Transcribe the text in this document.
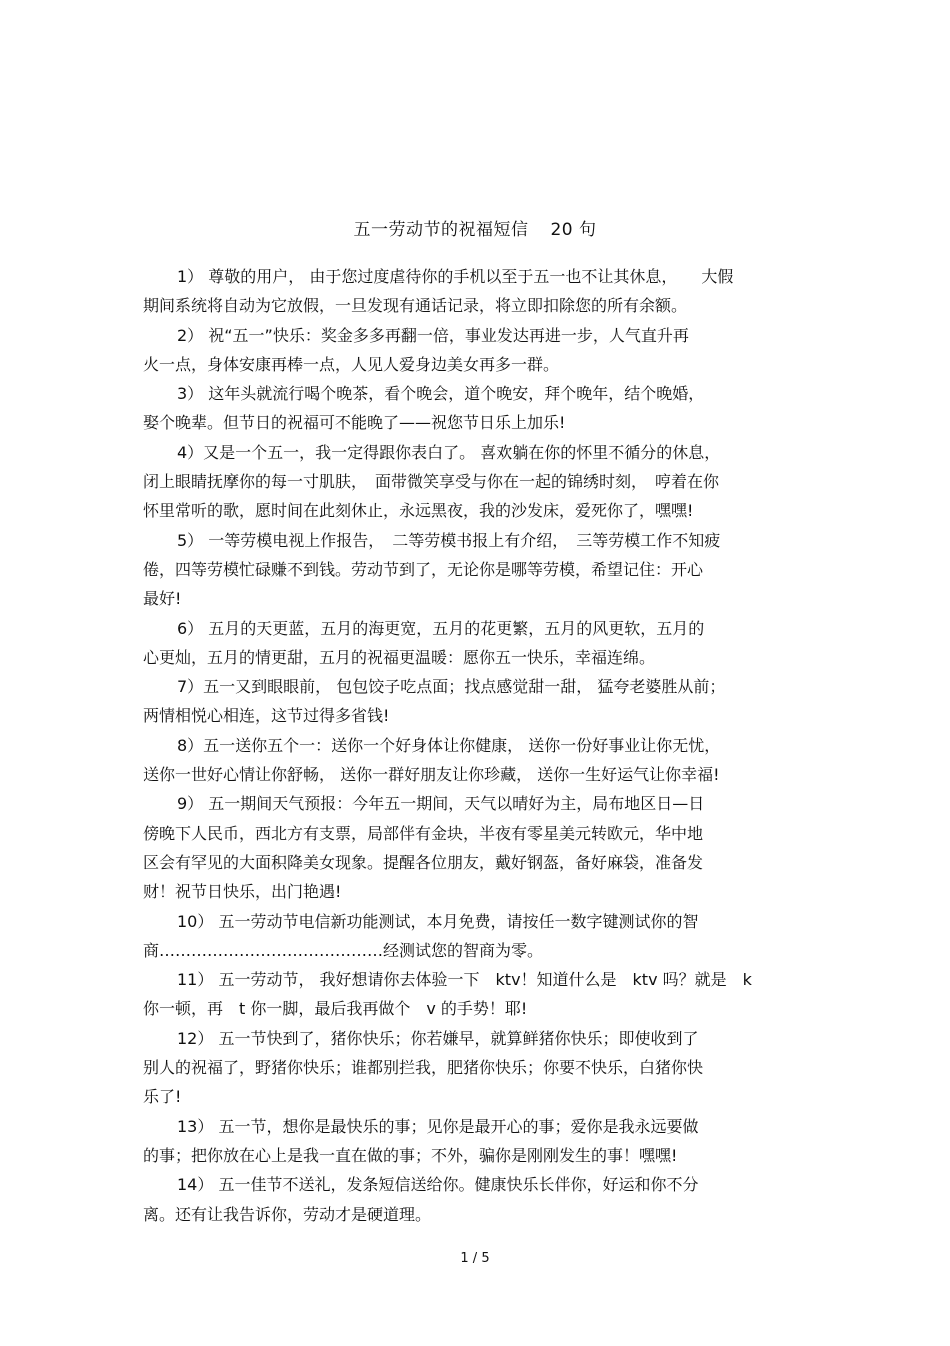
五一劳动节的祝福短信 20 句
1） 尊敬的用户， 由于您过度虐待你的手机以至于五一也不让其休息，　　大假
期间系统将自动为它放假，一旦发现有通话记录，将立即扣除您的所有余额。
2） 祝“五一”快乐：奖金多多再翻一倍，事业发达再进一步，人气直升再
火一点，身体安康再棒一点，人见人爱身边美女再多一群。
3） 这年头就流行喝个晚茶，看个晚会，道个晚安，拜个晚年，结个晚婚，
娶个晚辈。但节日的祝福可不能晚了——祝您节日乐上加乐!
4）又是一个五一，我一定得跟你表白了。 喜欢躺在你的怀里不循分的休息，
闭上眼睛抚摩你的每一寸肌肤，　面带微笑享受与你在一起的锦绣时刻，　哼着在你
怀里常听的歌，愿时间在此刻休止，永远黑夜，我的沙发床，爱死你了，嘿嘿!
5） 一等劳模电视上作报告，　二等劳模书报上有介绍，　三等劳模工作不知疲
倦，四等劳模忙碌赚不到钱。劳动节到了，无论你是哪等劳模，希望记住：开心
最好!
6） 五月的天更蓝，五月的海更宽，五月的花更繁，五月的风更软，五月的
心更灿，五月的情更甜，五月的祝福更温暖：愿你五一快乐，幸福连绵。
7）五一又到眼眼前， 包包饺子吃点面；找点感觉甜一甜， 猛夸老婆胜从前；
两情相悦心相连，这节过得多省钱!
8）五一送你五个一：送你一个好身体让你健康， 送你一份好事业让你无忧，
送你一世好心情让你舒畅， 送你一群好朋友让你珍藏， 送你一生好运气让你幸福!
9） 五一期间天气预报：今年五一期间，天气以晴好为主，局布地区日—日
傍晚下人民币，西北方有支票，局部伴有金块，半夜有零星美元转欧元，华中地
区会有罕见的大面积降美女现象。提醒各位朋友，戴好钢盔，备好麻袋，准备发
财！祝节日快乐，出门艳遇!
10） 五一劳动节电信新功能测试，本月免费，请按任一数字键测试你的智
商……………………………………经测试您的智商为零。
11） 五一劳动节， 我好想请你去体验一下　ktv！知道什么是　ktv 吗？就是　k
你一顿，再　t 你一脚，最后我再做个　v 的手势！耶!
12） 五一节快到了，猪你快乐；你若嫌早，就算鲜猪你快乐；即使收到了
别人的祝福了，野猪你快乐；谁都别拦我，肥猪你快乐；你要不快乐，白猪你快
乐了!
13） 五一节，想你是最快乐的事；见你是最开心的事；爱你是我永远要做
的事；把你放在心上是我一直在做的事；不外，骗你是刚刚发生的事！嘿嘿!
14） 五一佳节不送礼，发条短信送给你。健康快乐长伴你，好运和你不分
离。还有让我告诉你，劳动才是硬道理。
1 / 5
